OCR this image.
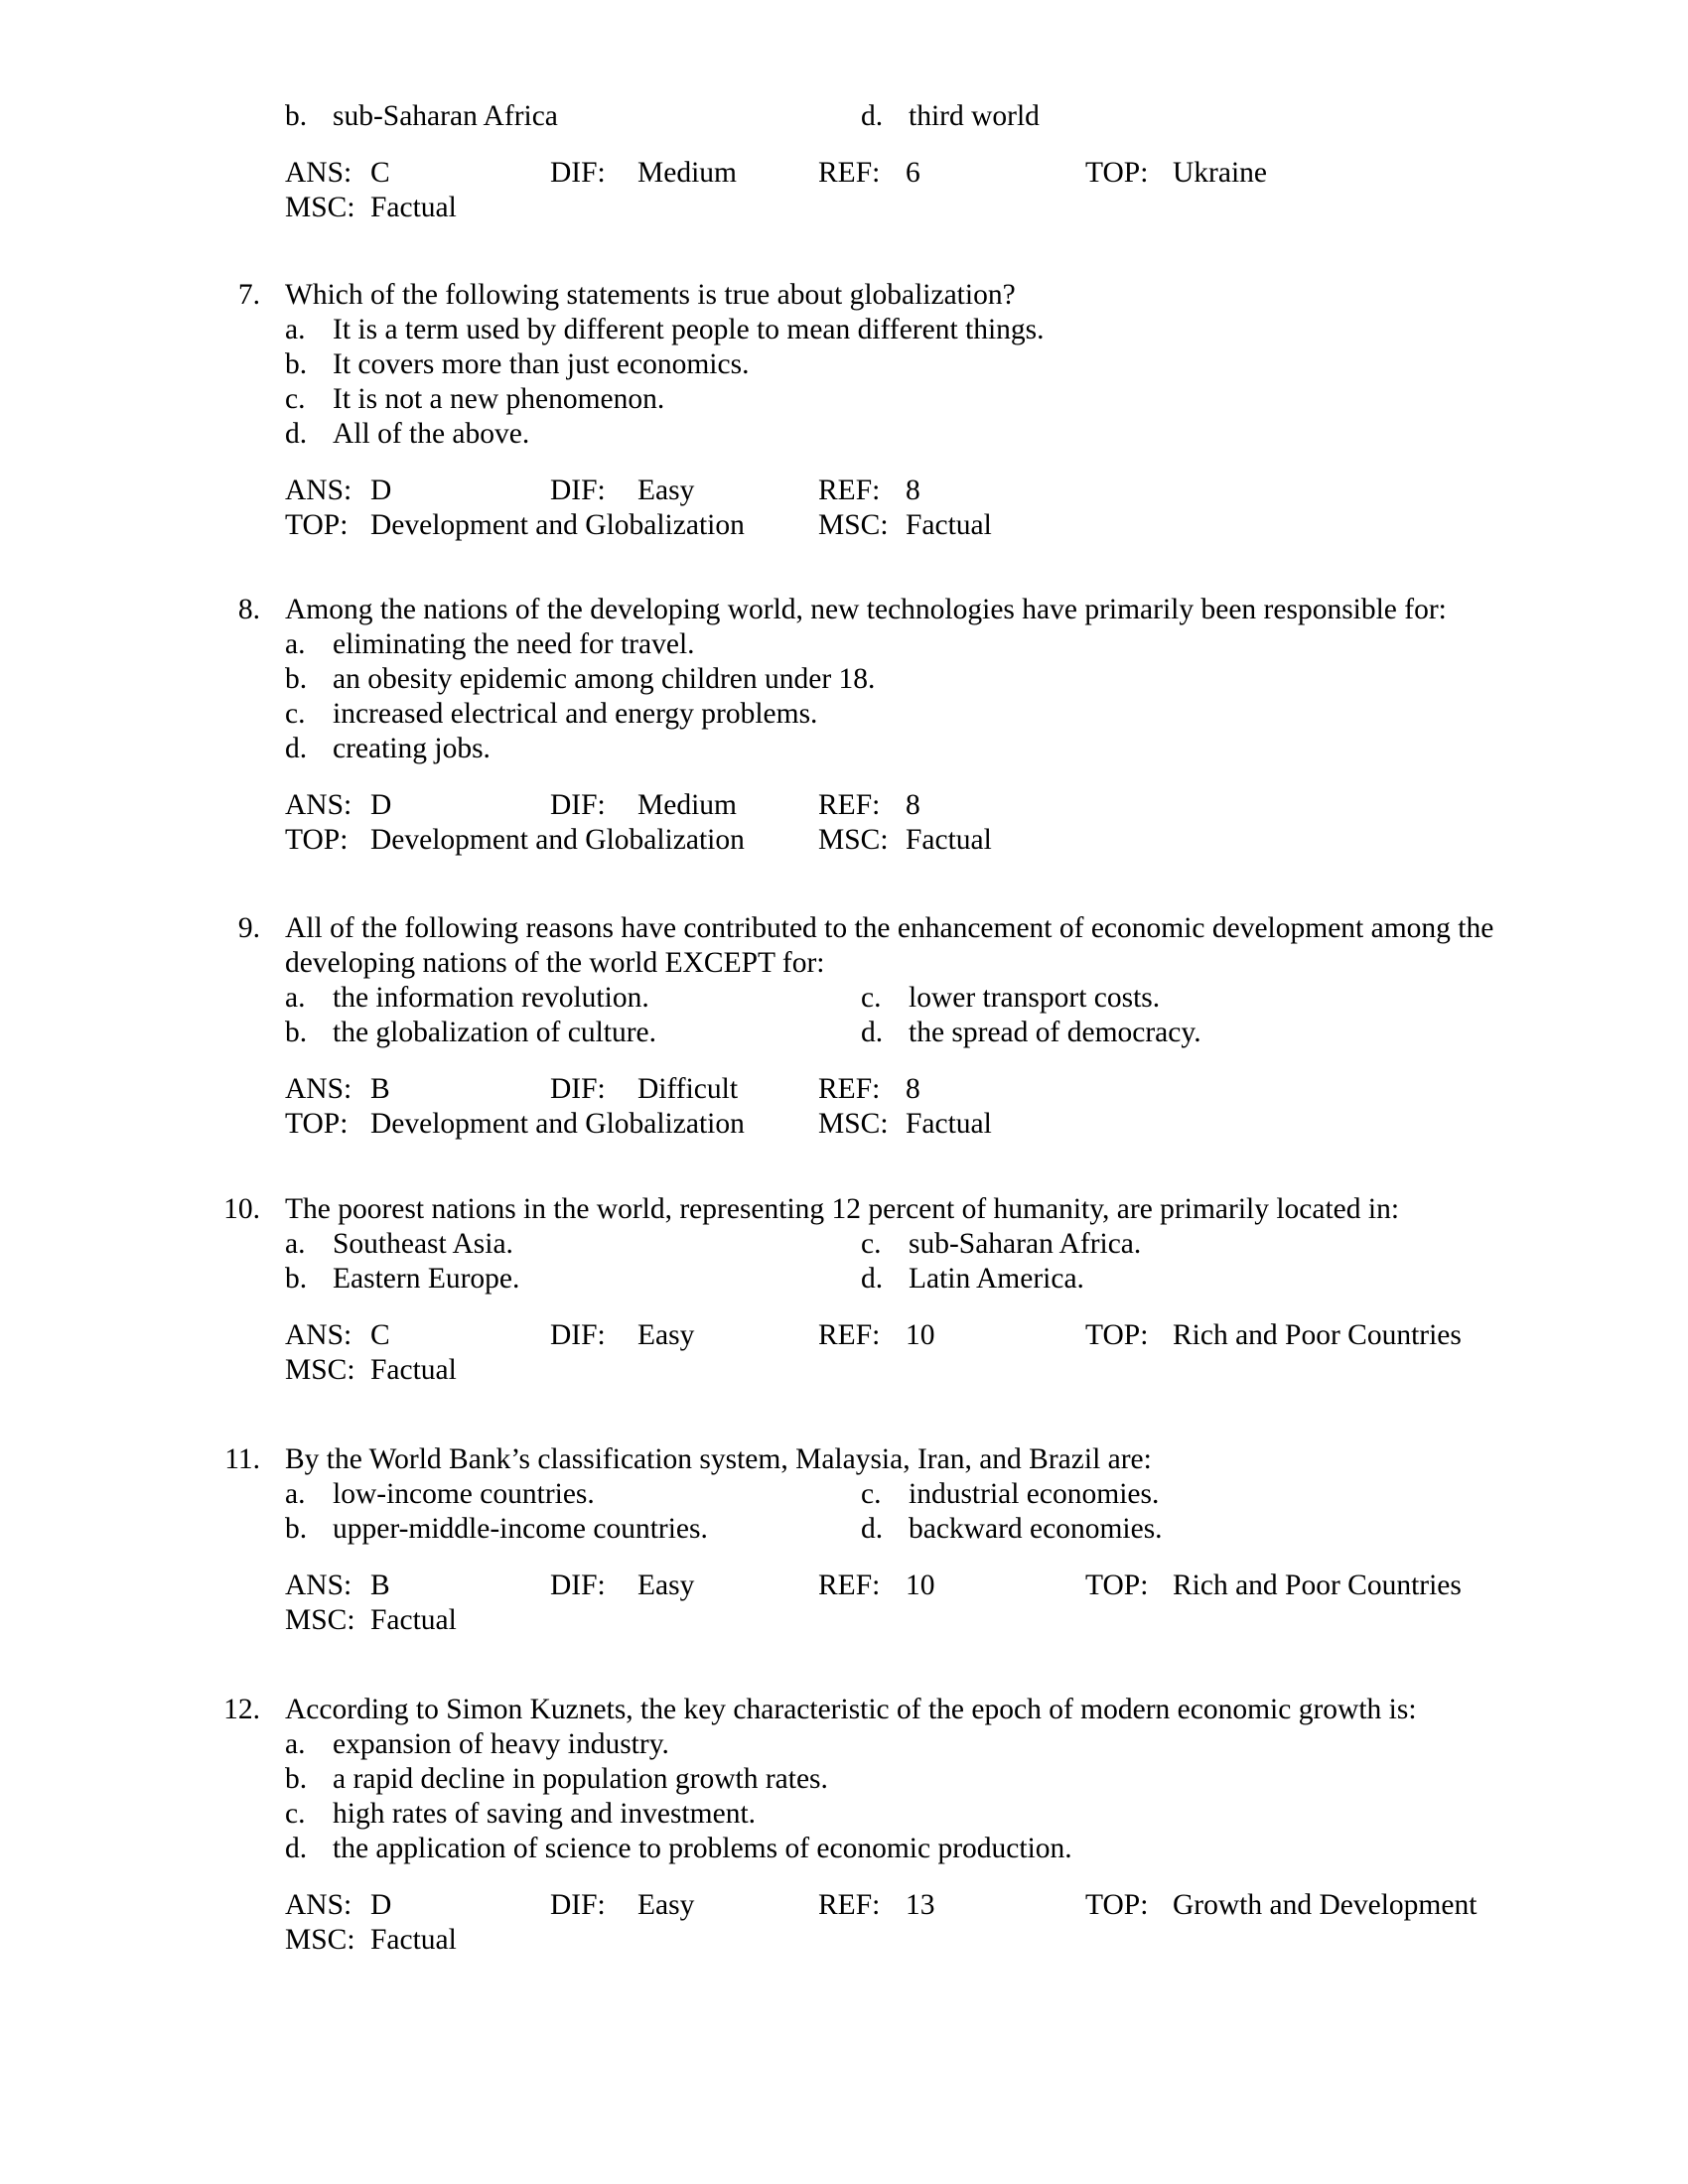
b. sub-Saharan Africa	d. third world
ANS: C	DIF: Medium	REF: 6	TOP: Ukraine
MSC: Factual
7. Which of the following statements is true about globalization?
a. It is a term used by different people to mean different things.
b. It covers more than just economics.
c. It is not a new phenomenon.
d. All of the above.
ANS: D	DIF: Easy	REF: 8
TOP: Development and Globalization	MSC: Factual
8. Among the nations of the developing world, new technologies have primarily been responsible for:
a. eliminating the need for travel.
b. an obesity epidemic among children under 18.
c. increased electrical and energy problems.
d. creating jobs.
ANS: D	DIF: Medium	REF: 8
TOP: Development and Globalization	MSC: Factual
9. All of the following reasons have contributed to the enhancement of economic development among the
developing nations of the world EXCEPT for:
a. the information revolution.	c. lower transport costs.
b. the globalization of culture.	d. the spread of democracy.
ANS: B	DIF: Difficult	REF: 8
TOP: Development and Globalization	MSC: Factual
10. The poorest nations in the world, representing 12 percent of humanity, are primarily located in:
a. Southeast Asia.	c. sub-Saharan Africa.
b. Eastern Europe.	d. Latin America.
ANS: C	DIF: Easy	REF: 10	TOP: Rich and Poor Countries
MSC: Factual
11. By the World Bank’s classification system, Malaysia, Iran, and Brazil are:
a. low-income countries.	c. industrial economies.
b. upper-middle-income countries.	d. backward economies.
ANS: B	DIF: Easy	REF: 10	TOP: Rich and Poor Countries
MSC: Factual
12. According to Simon Kuznets, the key characteristic of the epoch of modern economic growth is:
a. expansion of heavy industry.
b. a rapid decline in population growth rates.
c. high rates of saving and investment.
d. the application of science to problems of economic production.
ANS: D	DIF: Easy	REF: 13	TOP: Growth and Development
MSC: Factual
